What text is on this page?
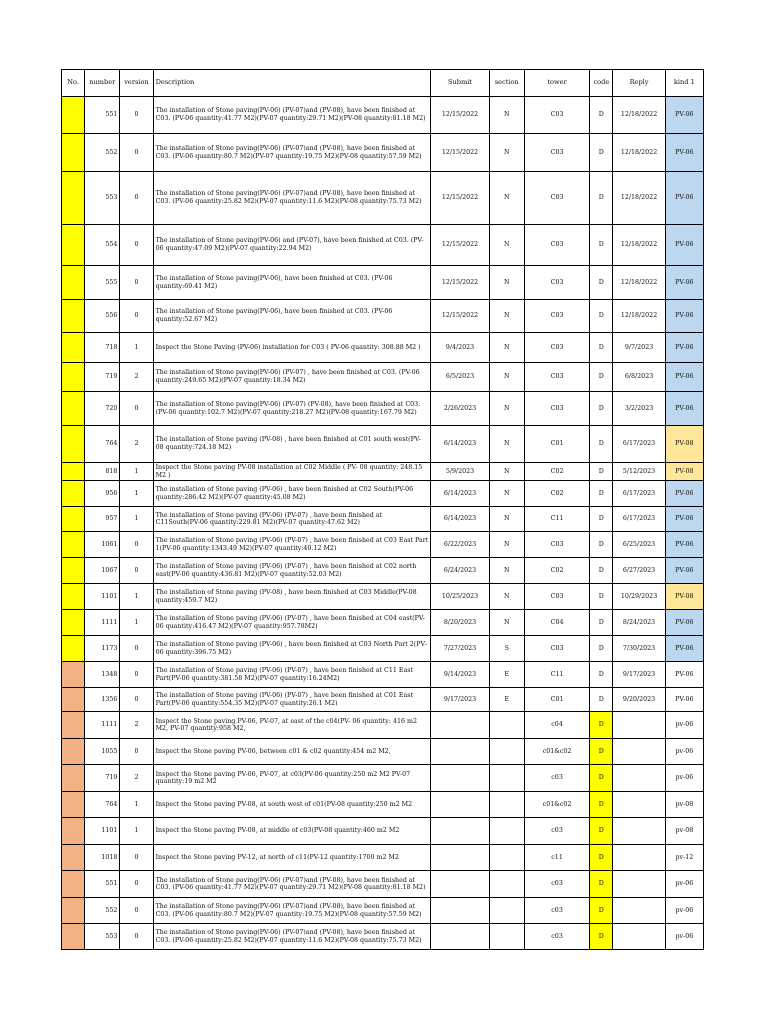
No.	number	version	Description	Submit	section	tower	code	Reply	kind 1
	551	0	The installation of Stone paving(PV-06) (PV-07)and (PV-08), have been finished at C03. (PV-06 quantity:41.77 M2)(PV-07 quantity:29.71 M2)(PV-08 quantity:81.18 M2)	12/15/2022	N	C03	D	12/18/2022	PV-06
	552	0	The installation of Stone paving(PV-06) (PV-07)and (PV-08), have been finished at C03. (PV-06 quantity:80.7 M2)(PV-07 quantity:19.75 M2)(PV-08 quantity:57.59 M2)	12/15/2022	N	C03	D	12/18/2022	PV-06
	553	0	The installation of Stone paving(PV-06) (PV-07)and (PV-08), have been finished at C03. (PV-06 quantity:25.82 M2)(PV-07 quantity:11.6 M2)(PV-08 quantity:75.73 M2)	12/15/2022	N	C03	D	12/18/2022	PV-06
	554	0	The installation of Stone paving(PV-06) and (PV-07), have been finished at C03. (PV-06 quantity:47.09 M2)(PV-07 quantity:22.94 M2)	12/15/2022	N	C03	D	12/18/2022	PV-06
	555	0	The installation of Stone paving(PV-06), have been finished at C03. (PV-06 quantity:69.41 M2)	12/15/2022	N	C03	D	12/18/2022	PV-06
	556	0	The installation of Stone paving(PV-06), have been finished at C03. (PV-06 quantity:52.67 M2)	12/15/2022	N	C03	D	12/18/2022	PV-06
	718	1	Inspect the Stone Paving (PV-06) installation for C03 ( PV-06 quantity: 308.88 M2 )	9/4/2023	N	C03	D	9/7/2023	PV-06
	719	2	The installation of Stone paving(PV-06) (PV-07) , have been finished at C03. (PV-06 quantity:249.65 M2)(PV-07 quantity:18.34 M2)	6/5/2023	N	C03	D	6/8/2023	PV-06
	720	0	The installation of Stone paving(PV-06) (PV-07) (PV-08), have been finished at C03. (PV-06 quantity:102.7 M2)(PV-07 quantity:218.27 M2)(PV-08 quantity:167.79 M2)	2/26/2023	N	C03	D	3/2/2023	PV-06
	764	2	The installation of Stone paving (PV-08) , have been finished at C01 south west(PV-08 quantity:724.18 M2)	6/14/2023	N	C01	D	6/17/2023	PV-08
	818	1	Inspect the Stone paving PV-08 installation at C02 Middle ( PV- 08 quantity: 248.15 M2 )	5/9/2023	N	C02	D	5/12/2023	PV-08
	956	1	The installation of Stone paving (PV-06) , have been finished at C02 South(PV-06 quantity:286.42 M2)(PV-07 quantity:45.08 M2)	6/14/2023	N	C02	D	6/17/2023	PV-06
	957	1	The installation of Stone paving (PV-06) (PV-07) , have been finished at C11South(PV-06 quantity:229.81 M2)(PV-07 quantity:47.62 M2)	6/14/2023	N	C11	D	6/17/2023	PV-06
	1061	0	The installation of Stone paving (PV-06) (PV-07) , have been finished at C03 East Part 1(PV-06 quantity:1343.49 M2)(PV-07 quantity:40.12 M2)	6/22/2023	N	C03	D	6/25/2023	PV-06
	1067	0	The installation of Stone paving (PV-06) (PV-07) , have been finished at C02 north east(PV-06 quantity:436.81 M2)(PV-07 quantity:52.03 M2)	6/24/2023	N	C02	D	6/27/2023	PV-06
	1101	1	The installation of Stone paving (PV-08) , have been finished at C03 Middle(PV-08 quantity:459.7 M2)	10/25/2023	N	C03	D	10/29/2023	PV-08
	1111	1	The installation of Stone paving (PV-06) (PV-07) , have been finished at C04 east(PV-06 quantity:416.47 M2)(PV-07 quantity:957.78M2)	8/20/2023	N	C04	D	8/24/2023	PV-06
	1173	0	The installation of Stone paving (PV-06) , have been finished at C03 North Part 2(PV-06 quantity:396.75 M2)	7/27/2023	S	C03	D	7/30/2023	PV-06
	1348	0	The installation of Stone paving (PV-06) (PV-07) , have been finished at C11 East Part(PV-06 quantity:381.58 M2)(PV-07 quantity:16.24M2)	9/14/2023	E	C11	D	9/17/2023	PV-06
	1356	0	The installation of Stone paving (PV-06) (PV-07) , have been finished at C01 East Part(PV-06 quantity:554.35 M2)(PV-07 quantity:26.1 M2)	9/17/2023	E	C01	D	9/20/2023	PV-06
	1111	2	Inspect the Stone paving PV-06, PV-07, at east of the c04(PV- 06 quantity: 416 m2 M2, PV-07 quantity:958 M2,			c04	D		pv-06
	1055	0	Inspect the Stone paving PV-06, between c01 & c02 quantity:454 m2 M2,			c01&c02	D		pv-06
	719	2	Inspect the Stone paving PV-06, PV-07, at c03(PV-06 quantity:250 m2 M2 PV-07 quantity:19 m2 M2			c03	D		pv-06
	764	1	Inspect the Stone paving PV-08, at south west of c01(PV-08 quantity:250 m2 M2			c01&c02	D		pv-08
	1101	1	Inspect the Stone paving PV-08, at middle of c03(PV-08 quantity:460 m2 M2			c03	D		pv-08
	1018	0	Inspect the Stone paving PV-12, at north of c11(PV-12 quantity:1700 m2 M2			c11	D		pv-12
	551	0	The installation of Stone paving(PV-06) (PV-07)and (PV-08), have been finished at C03. (PV-06 quantity:41.77 M2)(PV-07 quantity:29.71 M2)(PV-08 quantity:81.18 M2)			c03	D		pv-06
	552	0	The installation of Stone paving(PV-06) (PV-07)and (PV-08), have been finished at C03. (PV-06 quantity:80.7 M2)(PV-07 quantity:19.75 M2)(PV-08 quantity:57.59 M2)			c03	D		pv-06
	553	0	The installation of Stone paving(PV-06) (PV-07)and (PV-08), have been finished at C03. (PV-06 quantity:25.82 M2)(PV-07 quantity:11.6 M2)(PV-08 quantity:75.73 M2)			c03	D		pv-06
